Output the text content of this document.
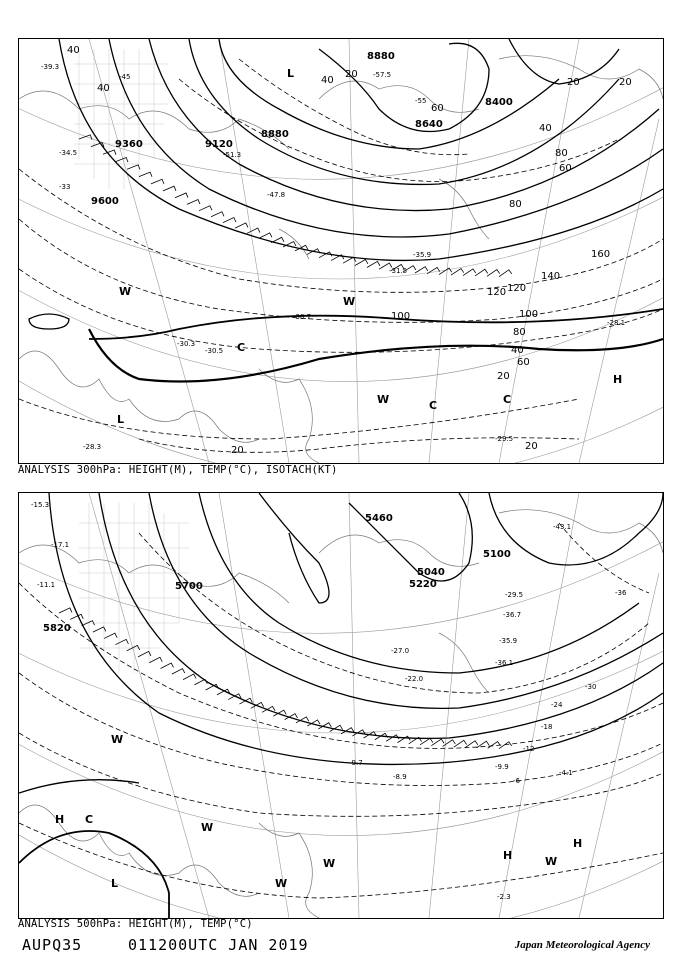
9600
9360	9120
8880
8880
8640
8400
40
40
20
40
60
80
100
120
140
160
120
100
80
60
40
20
60
80
40
20	20
20	20
-39.3
-34.5
-33
-30.3
-30.5
-28.1
-29.5
-57.5
-55
-51.3
-47.8
-45
-35.9
-31.5
-30.7
-28.3
L
L
W
W
W
C
C	C
H
ANALYSIS 300hPa: HEIGHT(M), TEMP(°C), ISOTACH(KT)
5820
5700
5460
5100
5220
5040
-36
-30
-24
-18
-12
-6
-15.3
-17.1
-11.1
-9.9
-9.7
-8.9	-4.1
-2.3
-43.1
-36.7
-35.9
-36.1
-29.5
-27.0
-22.0
H
H
H
C
L
W
W
W
W
W
ANALYSIS 500hPa: HEIGHT(M), TEMP(°C)
AUPQ35	011200UTC JAN 2019	Japan Meteorological Agency
